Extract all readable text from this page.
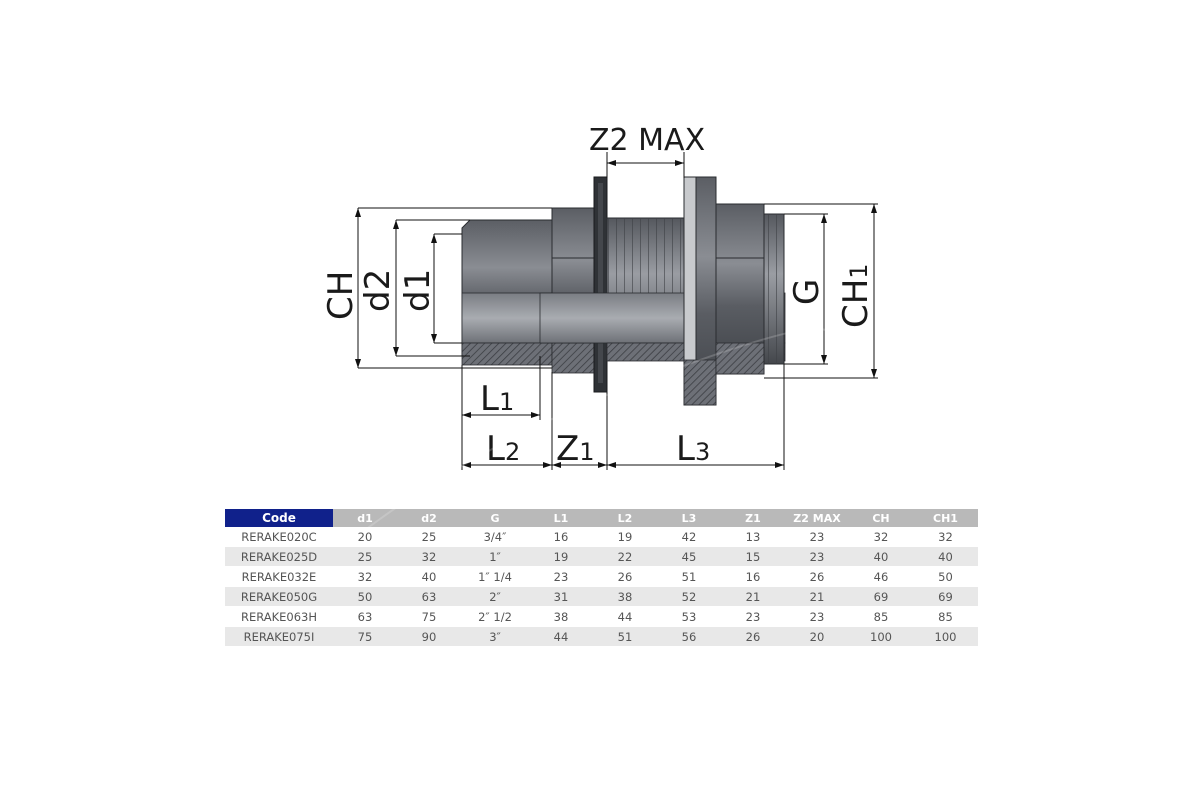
Z2 MAX
CH
d2 d1	G CH1
L1
L2 Z1 L3
Code	d1	d2	G	L1	L2	L3	Z1	Z2 MAX	CH	CH1
RERAKE020C	20	25	3/4″	16	19	42	13	23	32	32
RERAKE025D	25	32	1″	19	22	45	15	23	40	40
RERAKE032E	32	40	1″ 1/4	23	26	51	16	26	46	50
RERAKE050G	50	63	2″	31	38	52	21	21	69	69
RERAKE063H	63	75	2″ 1/2	38	44	53	23	23	85	85
RERAKE075I	75	90	3″	44	51	56	26	20	100	100
